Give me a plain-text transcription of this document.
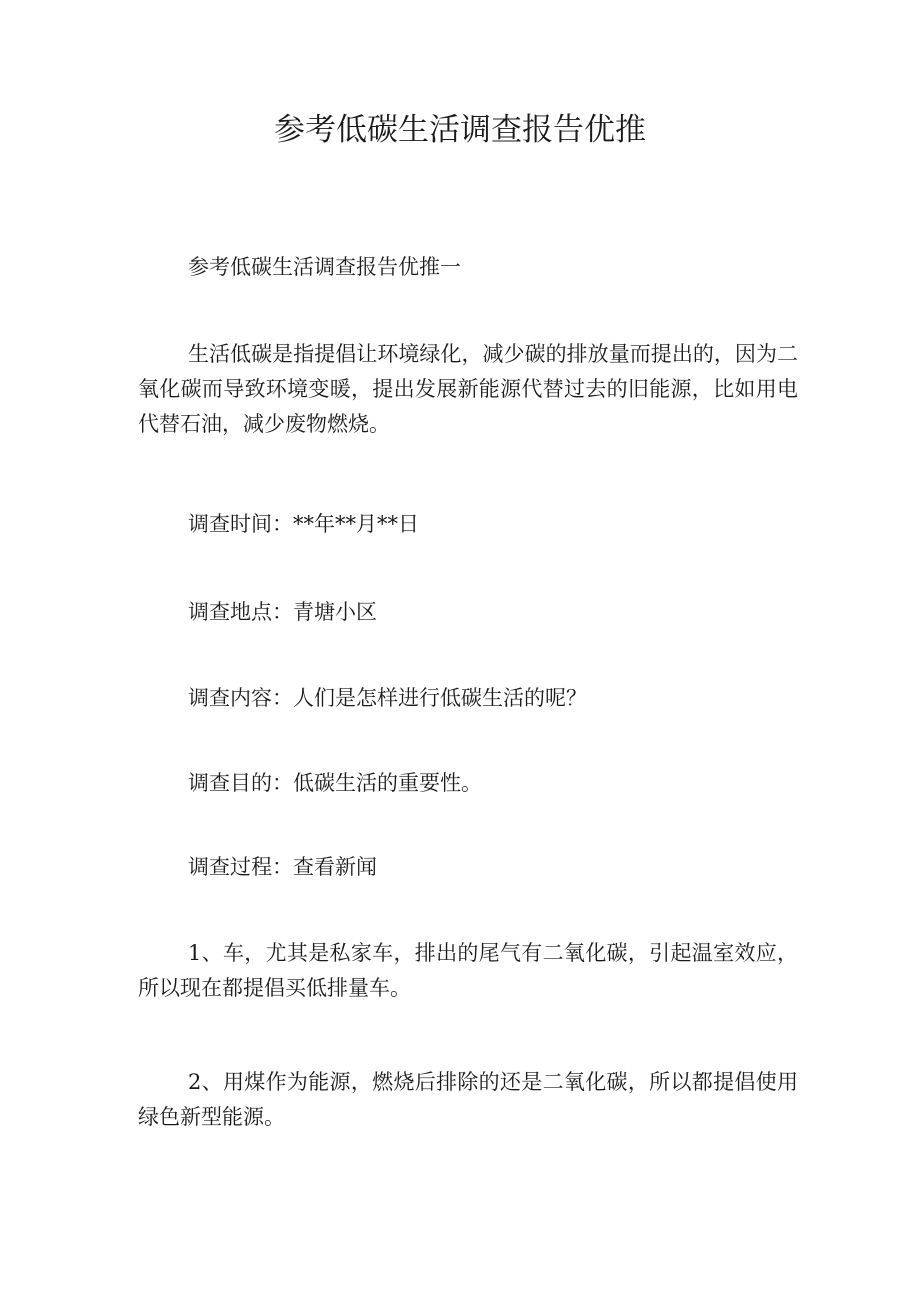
参考低碳生活调查报告优推

参考低碳生活调查报告优推一

生活低碳是指提倡让环境绿化，减少碳的排放量而提出的，因为二氧化碳而导致环境变暖，提出发展新能源代替过去的旧能源，比如用电代替石油，减少废物燃烧。

调查时间：**年**月**日

调查地点：青塘小区

调查内容：人们是怎样进行低碳生活的呢？

调查目的：低碳生活的重要性。

调查过程：查看新闻

1、车，尤其是私家车，排出的尾气有二氧化碳，引起温室效应，所以现在都提倡买低排量车。

2、用煤作为能源，燃烧后排除的还是二氧化碳，所以都提倡使用绿色新型能源。
